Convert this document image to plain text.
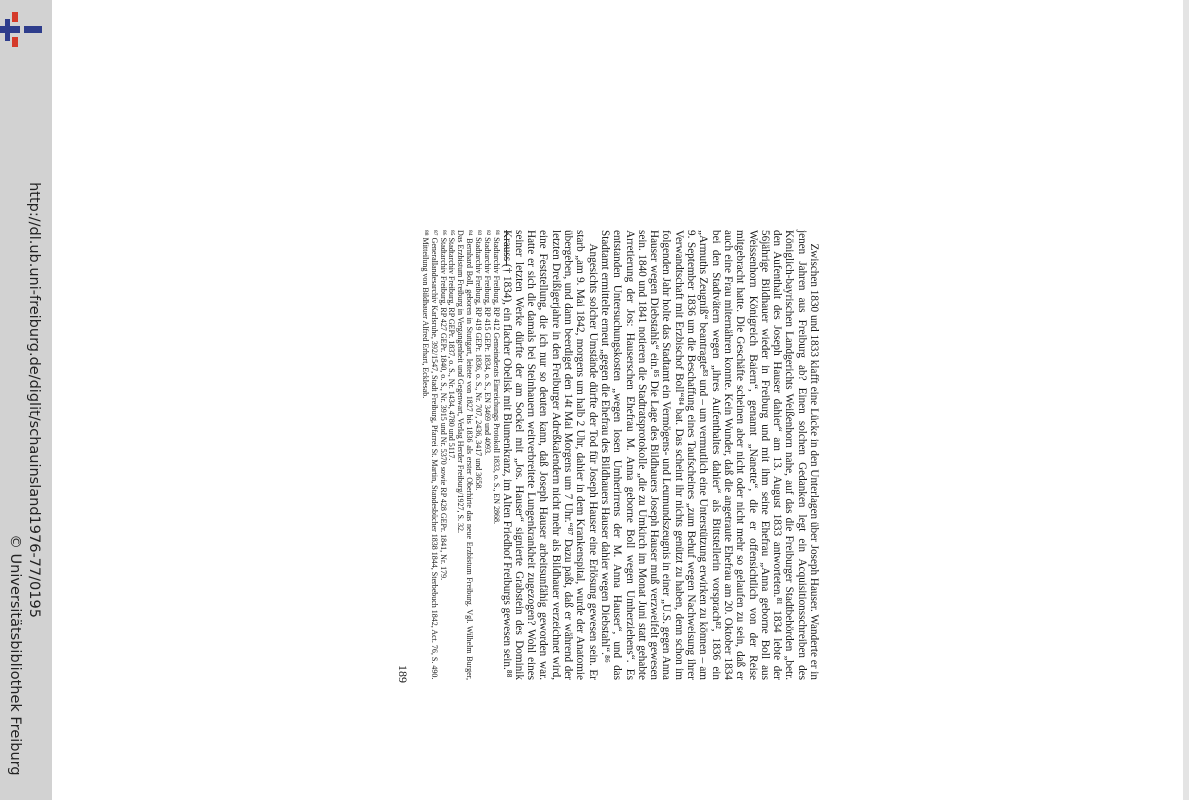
http://dl.ub.uni-freiburg.de/diglit/schauinsland1976-77/0195
© Universitätsbibliothek Freiburg	Zwischen 1830 und 1833 klafft eine Lücke in den Unterlagen über Joseph Hauser. Wanderte er in jenen Jahren aus Freiburg ab? Einen solchen Gedanken legt ein Acquisitionsschreiben des Königlich-bayrischen Landgerichts Weißenhorn nahe, auf das die Freiburger Stadtbehörden „betr. den Aufenthalt des Joseph Hauser dahier“ am 13. August 1833 antworteten.⁸¹ 1834 lebte der 56jährige Bildhauer wieder in Freiburg und mit ihm seine Ehefrau „Anna geborne Boll aus Weissenhorn Königreich Baiern“, genannt „Nanette“, die er offensichtlich von der Reise mitgebracht hatte. Die Geschäfte scheinen aber nicht oder nicht mehr so gelaufen zu sein, daß er auch eine Frau miternähren konnte. Kein Wunder, daß die angetraute Ehefrau am 20. Oktober 1834 bei den Stadtvätern wegen „ihres Aufenthaltes dahier“ als Bittstellerin vorsprach⁸², 1836 ein „Armuths Zeugniß“ beantragte⁸³ und – um vermutlich eine Unterstützung erwirken zu können – am 9. September 1836 um die Beschaffung eines Taufscheines „zum Behuf wegen Nachweisung ihrer Verwandtschaft mit Erzbischof Boll“⁸⁴ bat. Das scheint ihr nichts genützt zu haben, denn schon im folgenden Jahr holte das Stadtamt ein Vermögens- und Leumundszeugnis in einer „U.S. gegen Anna Hauser wegen Diebstahls“ ein.⁸⁵ Die Lage des Bildhauers Joseph Hauser muß verzweifelt gewesen sein. 1840 und 1841 notieren die Stadtratsprotokolle „die zu Umkirch im Monat Juni statt gehabte Arretierung der Jos: Hauserschen Ehefrau M. Anna geborne Boll wegen Umherziehens“. Es entstanden Untersuchungskosten „wegen losen Umherirrens der M. Anna Hauser“, und das Stadtamt ermittelte erneut „gegen die Ehefrau des Bildhauers Hauser dahier wegen Diebstahl“.⁸⁶

Angesichts solcher Umstände dürfte der Tod für Joseph Hauser eine Erlösung gewesen sein. Er starb „am 9. Mai 1842, morgens um halb 2 Uhr, dahier in dem Krankenspital, wurde der Anatomie übergeben, und dann beerdiget den 14t Mai Morgens um 7 Uhr.“⁸⁷ Dazu paßt, daß er während der letzten Dreißigerjahre in den Freiburger Adreßkalendern nicht mehr als Bildhauer verzeichnet wird, eine Feststellung, die ich nur so deuten kann, daß Joseph Hauser arbeitsunfähig geworden war. Hatte er sich die damals bei Steinhauern weitverbreitete Lungenkrankheit zugezogen? Wohl eines seiner letzten Werke dürfte der am Sockel mit „Jos. Hauser“ signierte Grabstein des Dominik Krauss († 1834), ein flacher Obelisk mit Blumenkranz, im Alten Friedhof Freiburgs gewesen sein.⁸⁸

⁸¹ Stadtarchiv Freiburg, RP 412 Gemeinderats Einreichungs Protokoll 1833, o. S., EN 2868.

⁸² Stadtarchiv Freiburg, RP 415 GEPr. 1834, o. S., EN 3469 und 4093.

⁸³ Stadtarchiv Freiburg, RP 419 GEPr. 1836, o. S., Nr. 707, 2436, 3417 und 3658.

⁸⁴ Bernhard Boll, geboren in Stuttgart, leitete von 1827 bis 1836 als erster Oberhirte das neue Erzbistum Freiburg. Vgl. Wilhelm Burger, Das Erzbistum Freiburg in Vergangenheit und Gegenwart, Verlag Herder Freiburg/1927, S. 32.

⁸⁵ Stadtarchiv Freiburg, RP GEPr. 1837, o. S., Nr. 1434, 4780 und 5117.

⁸⁶ Stadtarchiv Freiburg, RP 427 GEPr. 1840, o. S., Nr. 3915 und Nr. 5370 sowie RP 428 GEPr. 1841, Nr. 179.

⁸⁷ Generallandesarchiv Karlsruhe, 392/1547, Stadt Freiburg, Pfarrei St. Martin, Standesbücher 1838 1844, Sterbebuch 1842, Act. 76, S. 490.

⁸⁸ Mitteilung von Bildhauer Alfred Erhart, Ecklesab.

189
